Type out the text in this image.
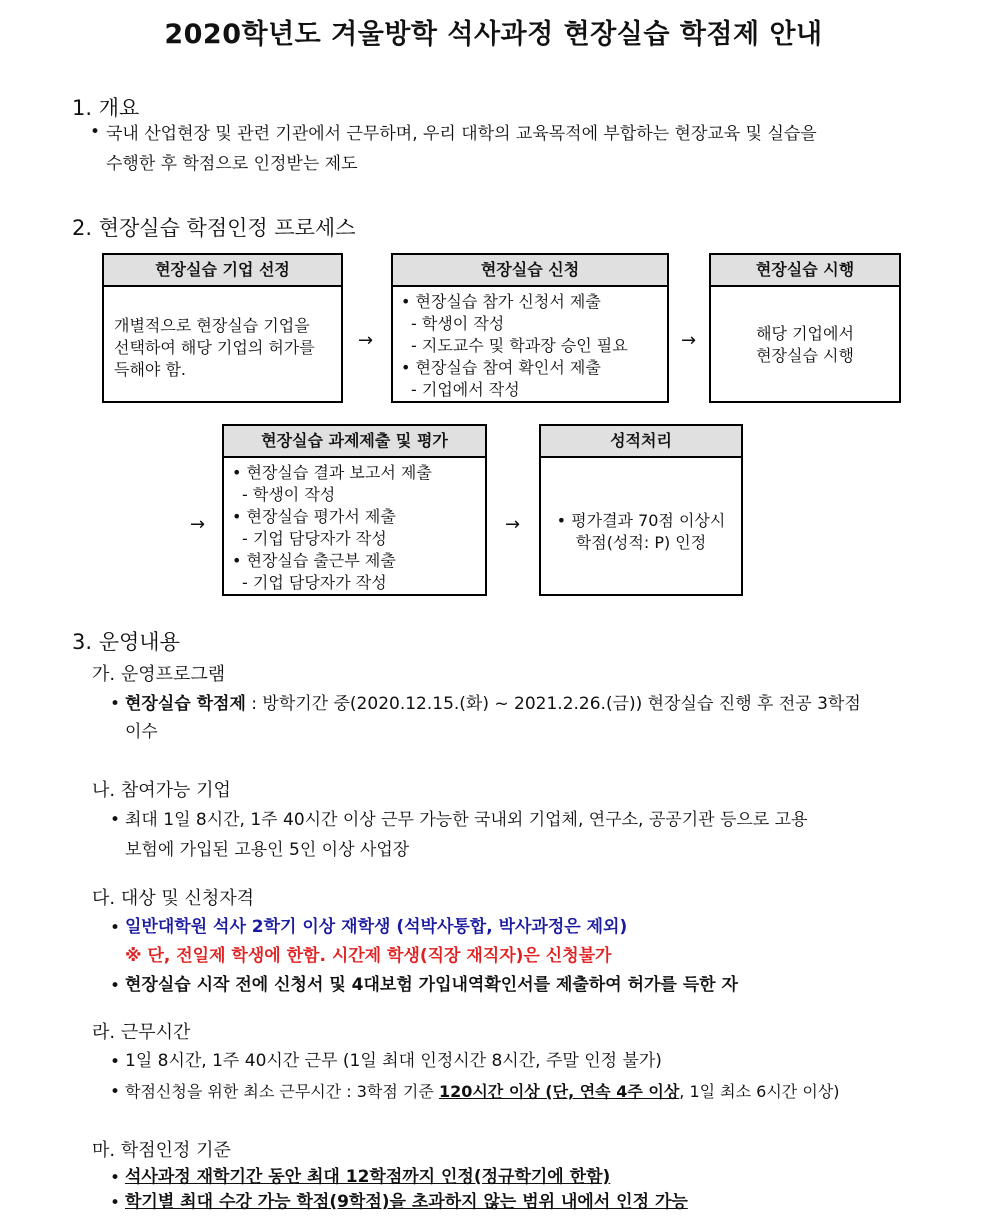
2020학년도 겨울방학 석사과정 현장실습 학점제 안내
1. 개요
• 국내 산업현장 및 관련 기관에서 근무하며, 우리 대학의 교육목적에 부합하는 현장교육 및 실습을
수행한 후 학점으로 인정받는 제도
2. 현장실습 학점인정 프로세스
현장실습 기업 선정
개별적으로 현장실습 기업을
선택하여 해당 기업의 허가를
득해야 함.
→
현장실습 신청
• 현장실습 참가 신청서 제출
- 학생이 작성
- 지도교수 및 학과장 승인 필요
• 현장실습 참여 확인서 제출
- 기업에서 작성
→
현장실습 시행
해당 기업에서
현장실습 시행
→
현장실습 과제제출 및 평가
• 현장실습 결과 보고서 제출
- 학생이 작성
• 현장실습 평가서 제출
- 기업 담당자가 작성
• 현장실습 출근부 제출
- 기업 담당자가 작성
→
성적처리
• 평가결과 70점 이상시
학점(성적: P) 인정
3. 운영내용
가. 운영프로그램
• 현장실습 학점제 : 방학기간 중(2020.12.15.(화) ~ 2021.2.26.(금)) 현장실습 진행 후 전공 3학점
이수
나. 참여가능 기업
• 최대 1일 8시간, 1주 40시간 이상 근무 가능한 국내외 기업체, 연구소, 공공기관 등으로 고용
보험에 가입된 고용인 5인 이상 사업장
다. 대상 및 신청자격
• 일반대학원 석사 2학기 이상 재학생 (석박사통합, 박사과정은 제외)
※ 단, 전일제 학생에 한함. 시간제 학생(직장 재직자)은 신청불가
• 현장실습 시작 전에 신청서 및 4대보험 가입내역확인서를 제출하여 허가를 득한 자
라. 근무시간
• 1일 8시간, 1주 40시간 근무 (1일 최대 인정시간 8시간, 주말 인정 불가)
• 학점신청을 위한 최소 근무시간 : 3학점 기준 120시간 이상 (단, 연속 4주 이상, 1일 최소 6시간 이상)
마. 학점인정 기준
• 석사과정 재학기간 동안 최대 12학점까지 인정(정규학기에 한함)
• 학기별 최대 수강 가능 학점(9학점)을 초과하지 않는 범위 내에서 인정 가능
